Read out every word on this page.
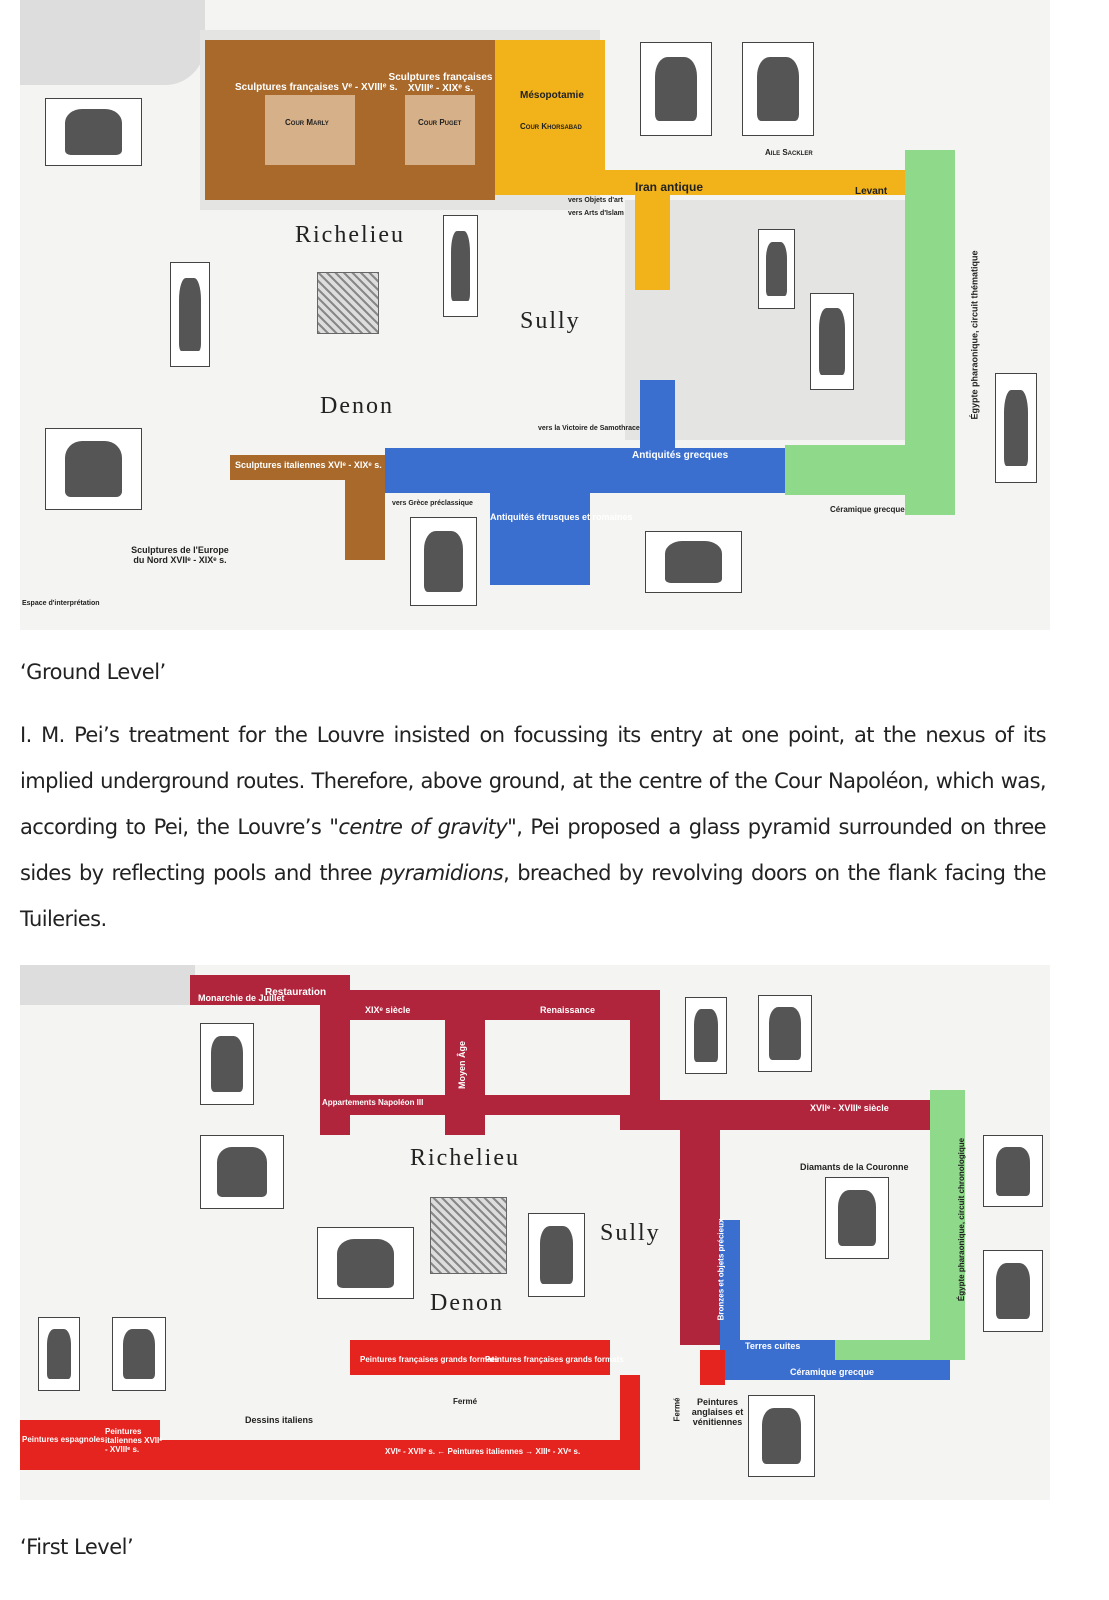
Sculptures françaises Vᵉ - XVIIIᵉ s.
Cour Marly
Sculptures françaises XVIIIᵉ - XIXᵉ s.
Cour Puget
Mésopotamie
Cour Khorsabad
Iran antique	Levant
Aile Sackler
vers Objets d'art
vers Arts d'Islam
Égypte pharaonique, circuit thématique
Céramique grecque
Antiquités grecques
vers la Victoire de Samothrace
Antiquités étrusques et romaines
Sculptures italiennes XVIᵉ - XIXᵉ s.
vers Grèce préclassique
Sculptures de l'Europe du Nord XVIIᵉ - XIXᵉ s.
Espace d'interprétation
Richelieu
Sully
Denon
‘Ground Level’
I. M. Pei’s treatment for the Louvre insisted on focussing its entry at one point, at the nexus of its implied underground routes. Therefore, above ground, at the centre of the Cour Napoléon, which was, according to Pei, the Louvre’s "centre of gravity", Pei proposed a glass pyramid surrounded on three sides by reflecting pools and three pyramidions, breached by revolving doors on the flank facing the Tuileries.
Restauration
Monarchie de Juillet
XIXᵉ siècle	Renaissance
Moyen Âge
Appartements Napoléon III
XVIIᵉ - XVIIIᵉ siècle
Bronzes et objets précieux
Diamants de la Couronne	Égypte pharaonique, circuit chronologique
Terres cuites
Céramique grecque
Peintures françaises grands formats
Peintures françaises grands formats
XVIᵉ - XVIIᵉ s. ← Peintures italiennes → XIIIᵉ - XVᵉ s.
Peintures espagnoles
Peintures italiennes XVIIᵉ - XVIIIᵉ s.
Dessins italiens
Fermé	Fermé	Peintures anglaises et vénitiennes
Richelieu
Sully
Denon
‘First Level’
